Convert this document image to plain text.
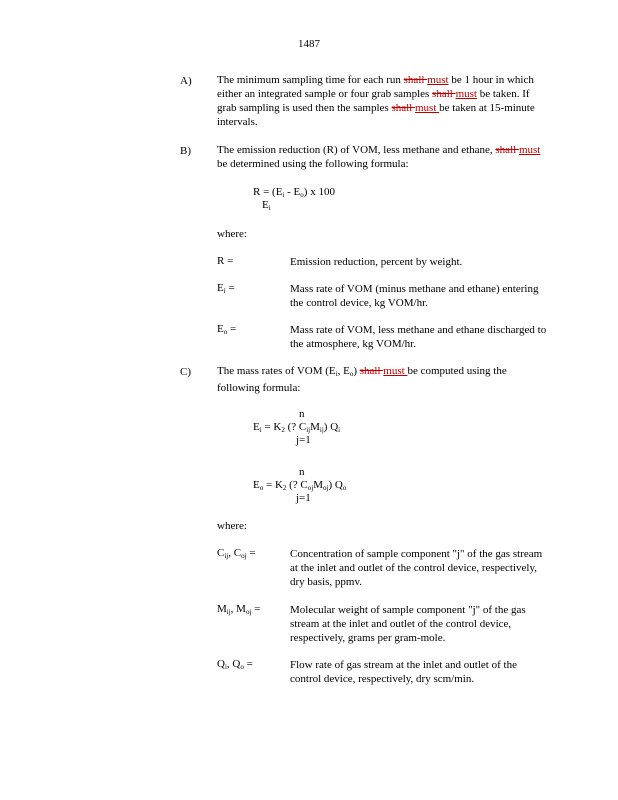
1487
A) The minimum sampling time for each run shall must be 1 hour in which either an integrated sample or four grab samples shall must be taken. If grab sampling is used then the samples shall must be taken at 15-minute intervals.
B) The emission reduction (R) of VOM, less methane and ethane, shall must be determined using the following formula:
$R = (E_i - E_o)$ x 100
$E_i$
where:
R =	Emission reduction, percent by weight.
$E_i$ =	Mass rate of VOM (minus methane and ethane) entering the control device, kg VOM/hr.
$E_o$ =	Mass rate of VOM, less methane and ethane discharged to the atmosphere, kg VOM/hr.
C) The mass rates of VOM ($E_i$, $E_o$) shall must be computed using the following formula:
n
$E_i = K_2$ (? $C_{ij}M_{ij}$) $Q_i$
j=1
n
$E_o = K_2$ (? $C_{oj}M_{oj}$) $Q_o$
j=1
where:
$C_{ij}$, $C_{oj}$ =	Concentration of sample component "j" of the gas stream at the inlet and outlet of the control device, respectively, dry basis, ppmv.
$M_{ij}$, $M_{oj}$ =	Molecular weight of sample component "j" of the gas stream at the inlet and outlet of the control device, respectively, grams per gram-mole.
$Q_i$, $Q_o$ =	Flow rate of gas stream at the inlet and outlet of the control device, respectively, dry scm/min.
